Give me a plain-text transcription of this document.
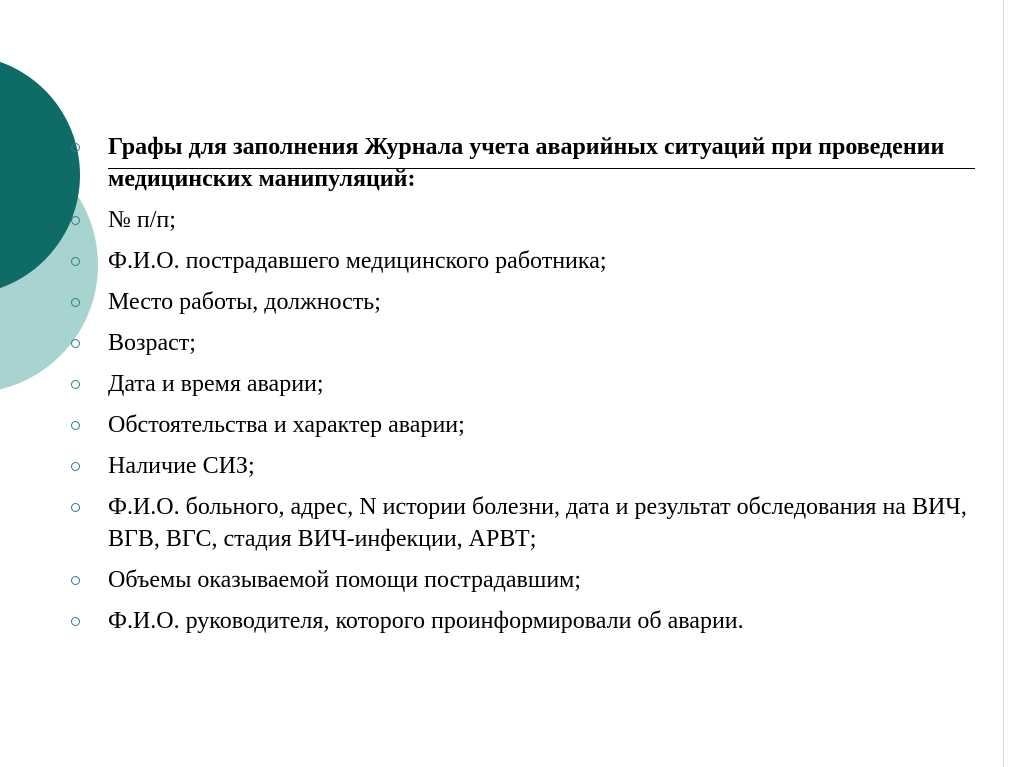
Графы для заполнения Журнала учета аварийных ситуаций при проведении медицинских манипуляций:
№ п/п;
Ф.И.О. пострадавшего медицинского работника;
Место работы, должность;
Возраст;
Дата и время аварии;
Обстоятельства и характер аварии;
Наличие СИЗ;
Ф.И.О. больного, адрес, N истории болезни, дата и результат обследования на ВИЧ, ВГВ, ВГС, стадия ВИЧ-инфекции, АРВТ;
Объемы оказываемой помощи пострадавшим;
Ф.И.О. руководителя, которого проинформировали об аварии.
